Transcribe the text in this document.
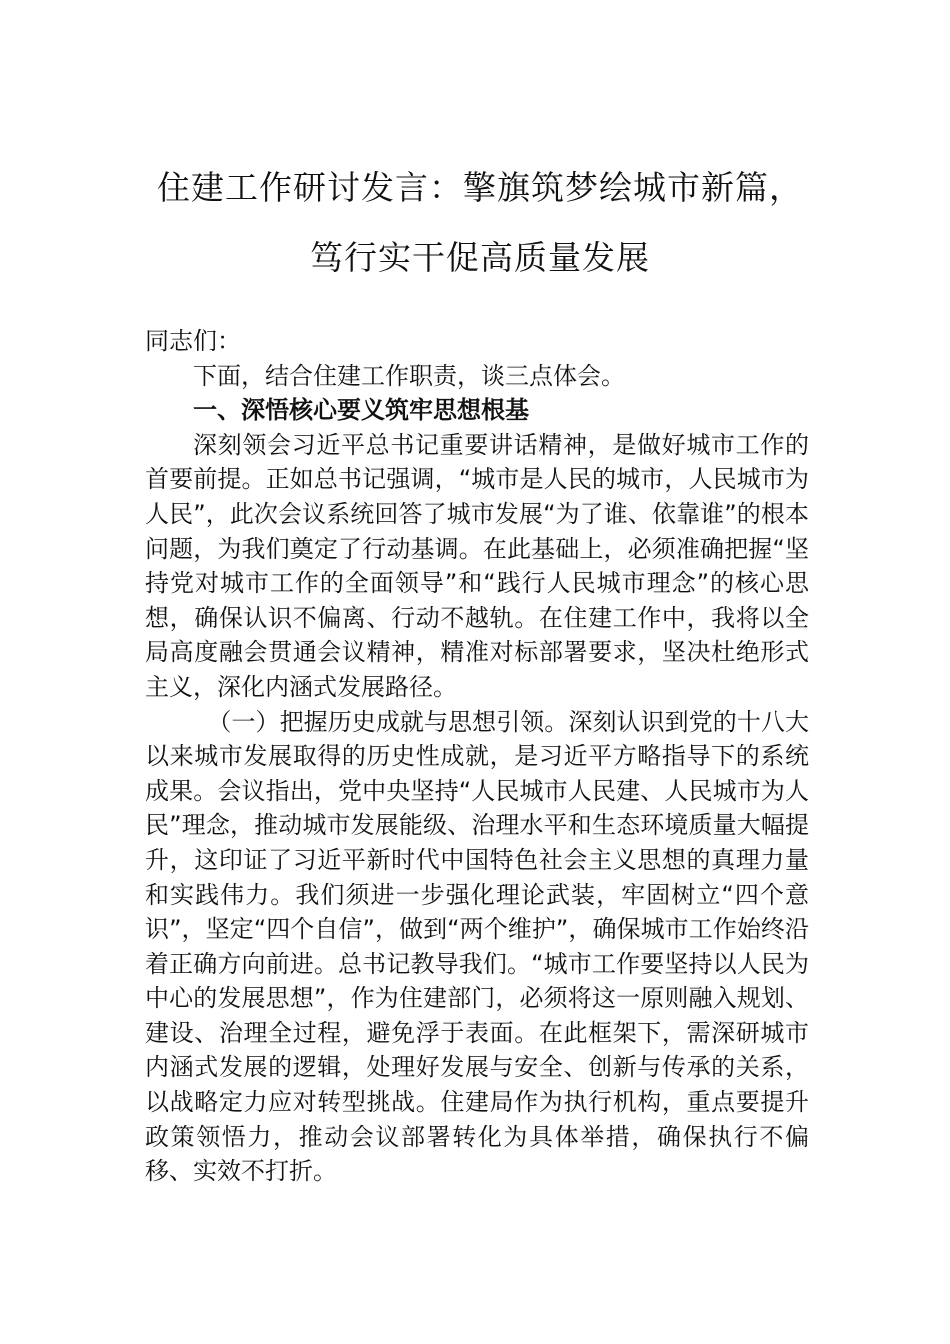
住建工作研讨发言：擎旗筑梦绘城市新篇，
笃行实干促高质量发展

同志们：

下面，结合住建工作职责，谈三点体会。

一、深悟核心要义筑牢思想根基

深刻领会习近平总书记重要讲话精神，是做好城市工作的首要前提。正如总书记强调，“城市是人民的城市，人民城市为人民”，此次会议系统回答了城市发展“为了谁、依靠谁”的根本问题，为我们奠定了行动基调。在此基础上，必须准确把握“坚持党对城市工作的全面领导”和“践行人民城市理念”的核心思想，确保认识不偏离、行动不越轨。在住建工作中，我将以全局高度融会贯通会议精神，精准对标部署要求，坚决杜绝形式主义，深化内涵式发展路径。

（一）把握历史成就与思想引领。深刻认识到党的十八大以来城市发展取得的历史性成就，是习近平方略指导下的系统成果。会议指出，党中央坚持“人民城市人民建、人民城市为人民”理念，推动城市发展能级、治理水平和生态环境质量大幅提升，这印证了习近平新时代中国特色社会主义思想的真理力量和实践伟力。我们须进一步强化理论武装，牢固树立“四个意识”，坚定“四个自信”，做到“两个维护”，确保城市工作始终沿着正确方向前进。总书记教导我们。“城市工作要坚持以人民为中心的发展思想”，作为住建部门，必须将这一原则融入规划、建设、治理全过程，避免浮于表面。在此框架下，需深研城市内涵式发展的逻辑，处理好发展与安全、创新与传承的关系，以战略定力应对转型挑战。住建局作为执行机构，重点要提升政策领悟力，推动会议部署转化为具体举措，确保执行不偏移、实效不打折。
